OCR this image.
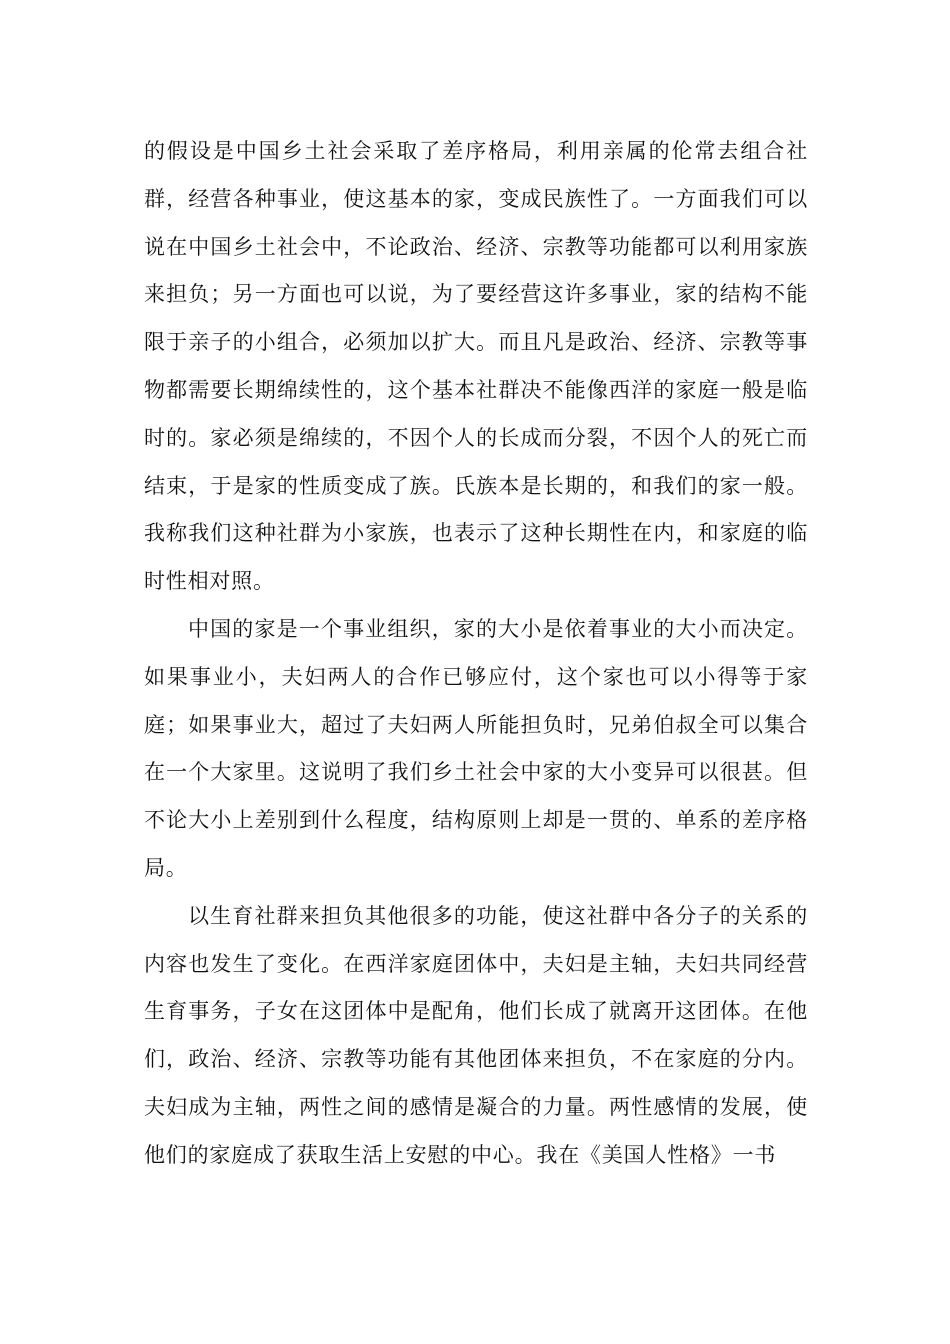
的假设是中国乡土社会采取了差序格局，利用亲属的伦常去组合社群，经营各种事业，使这基本的家，变成民族性了。一方面我们可以说在中国乡土社会中，不论政治、经济、宗教等功能都可以利用家族来担负；另一方面也可以说，为了要经营这许多事业，家的结构不能限于亲子的小组合，必须加以扩大。而且凡是政治、经济、宗教等事物都需要长期绵续性的，这个基本社群决不能像西洋的家庭一般是临时的。家必须是绵续的，不因个人的长成而分裂，不因个人的死亡而结束，于是家的性质变成了族。氏族本是长期的，和我们的家一般。我称我们这种社群为小家族，也表示了这种长期性在内，和家庭的临时性相对照。

中国的家是一个事业组织，家的大小是依着事业的大小而决定。如果事业小，夫妇两人的合作已够应付，这个家也可以小得等于家庭；如果事业大，超过了夫妇两人所能担负时，兄弟伯叔全可以集合在一个大家里。这说明了我们乡土社会中家的大小变异可以很甚。但不论大小上差别到什么程度，结构原则上却是一贯的、单系的差序格局。

以生育社群来担负其他很多的功能，使这社群中各分子的关系的内容也发生了变化。在西洋家庭团体中，夫妇是主轴，夫妇共同经营生育事务，子女在这团体中是配角，他们长成了就离开这团体。在他们，政治、经济、宗教等功能有其他团体来担负，不在家庭的分内。夫妇成为主轴，两性之间的感情是凝合的力量。两性感情的发展，使他们的家庭成了获取生活上安慰的中心。我在《美国人性格》一书
